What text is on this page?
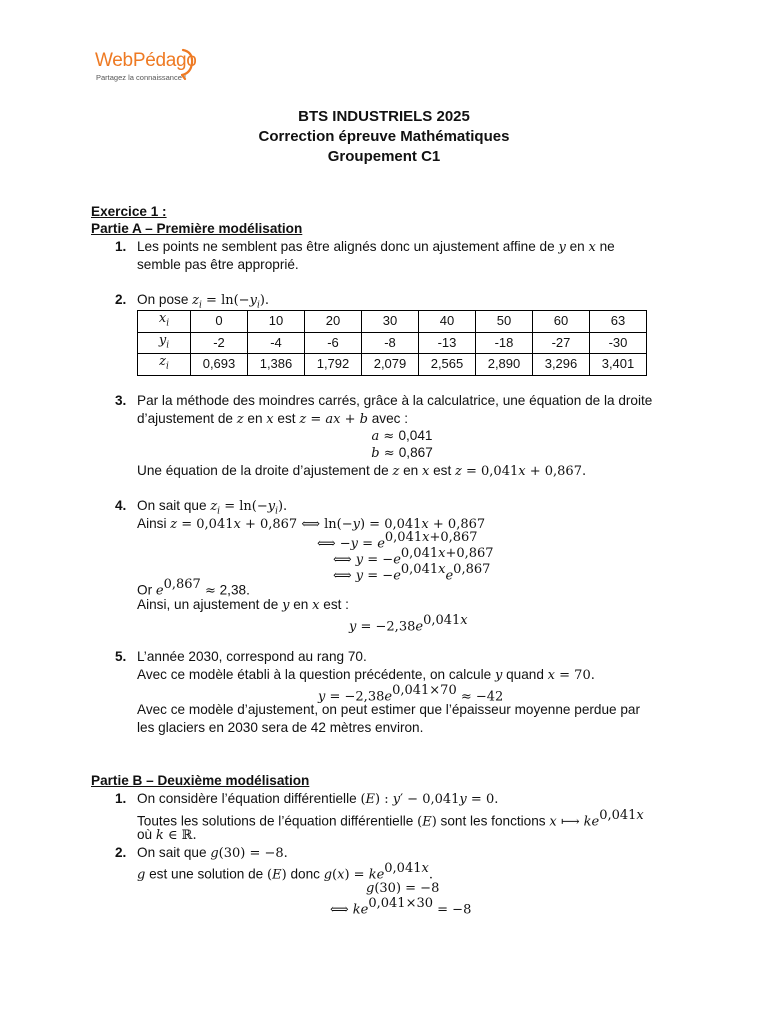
WebPédago
Partagez la connaissance !
BTS INDUSTRIELS 2025
Correction épreuve Mathématiques
Groupement C1
Exercice 1 :
Partie A – Première modélisation
1. Les points ne semblent pas être alignés donc un ajustement affine de y en x ne
semble pas être approprié.
2. On pose $z_i = \ln(-y_i)$.
$x_i$	0	10	20	30	40	50	60	63
$y_i$	-2	-4	-6	-8	-13	-18	-27	-30
$z_i$	0,693	1,386	1,792	2,079	2,565	2,890	3,296	3,401
3. Par la méthode des moindres carrés, grâce à la calculatrice, une équation de la droite
d’ajustement de z en x est z = ax + b avec :
a ≈ 0,041
b ≈ 0,867
Une équation de la droite d’ajustement de z en x est z = 0,041x + 0,867.
4. On sait que $z_i = \ln(-y_i)$.
Ainsi z = 0,041x + 0,867 ⟺ ln(−y) = 0,041x + 0,867
⟺ $-y = e^{0,041x+0,867}$
⟺ $y = -e^{0,041x+0,867}$
⟺ $y = -e^{0,041x}e^{0,867}$
Or $e^{0,867} \approx 2,38$.
Ainsi, un ajustement de y en x est :
$y = -2,38e^{0,041x}$
5. L’année 2030, correspond au rang 70.
Avec ce modèle établi à la question précédente, on calcule y quand x = 70.
$y = -2,38e^{0,041\times 70} \approx -42$
Avec ce modèle d’ajustement, on peut estimer que l’épaisseur moyenne perdue par
les glaciers en 2030 sera de 42 mètres environ.
Partie B – Deuxième modélisation
1. On considère l’équation différentielle (E) : y′ − 0,041y = 0.
Toutes les solutions de l’équation différentielle (E) sont les fonctions x ⟼ $ke^{0,041x}$
où k ∈ ℝ.
2. On sait que g(30) = −8.
g est une solution de (E) donc $g(x) = ke^{0,041x}$.
g(30) = −8
⟺ $ke^{0,041\times 30} = -8$
